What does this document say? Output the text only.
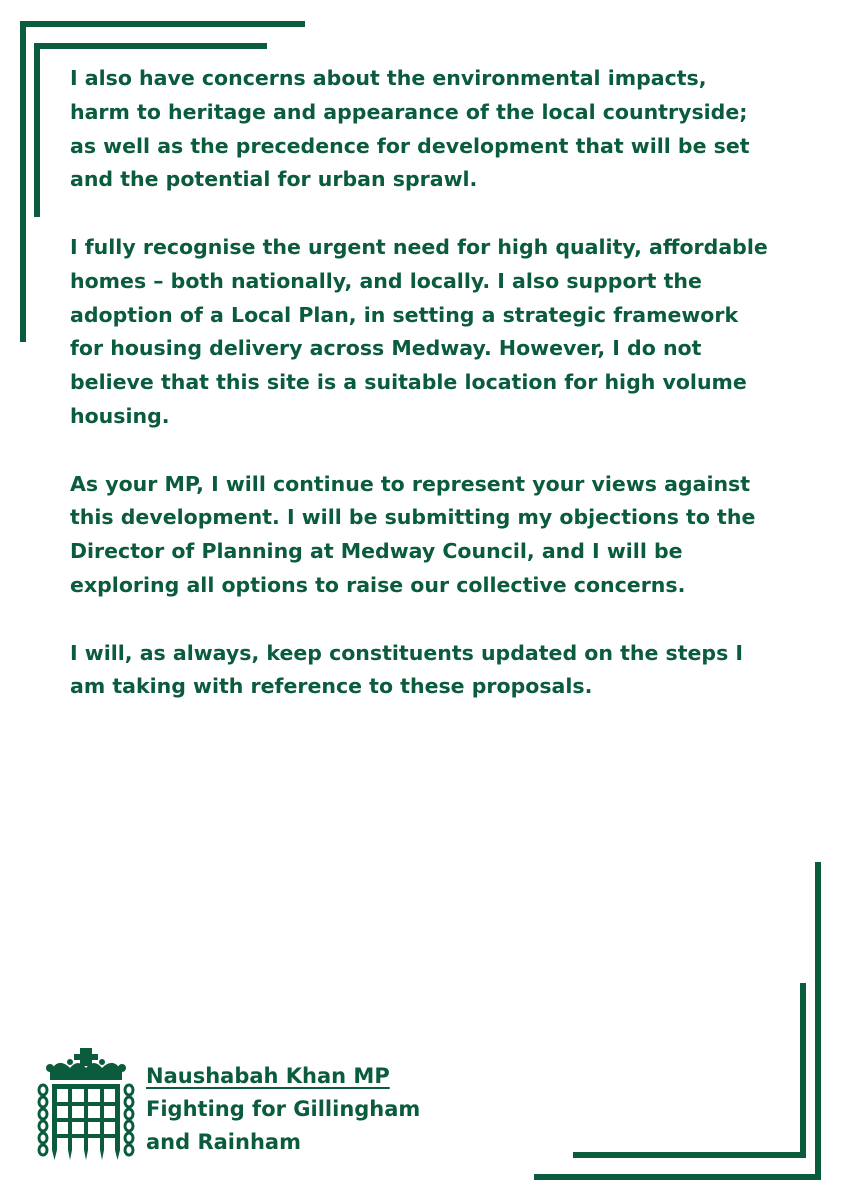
I also have concerns about the environmental impacts, harm to heritage and appearance of the local countryside; as well as the precedence for development that will be set and the potential for urban sprawl.

I fully recognise the urgent need for high quality, affordable homes – both nationally, and locally. I also support the adoption of a Local Plan, in setting a strategic framework for housing delivery across Medway. However, I do not believe that this site is a suitable location for high volume housing.

As your MP, I will continue to represent your views against this development. I will be submitting my objections to the Director of Planning at Medway Council, and I will be exploring all options to raise our collective concerns.

I will, as always, keep constituents updated on the steps I am taking with reference to these proposals.

Naushabah Khan MP
Fighting for Gillingham
and Rainham
